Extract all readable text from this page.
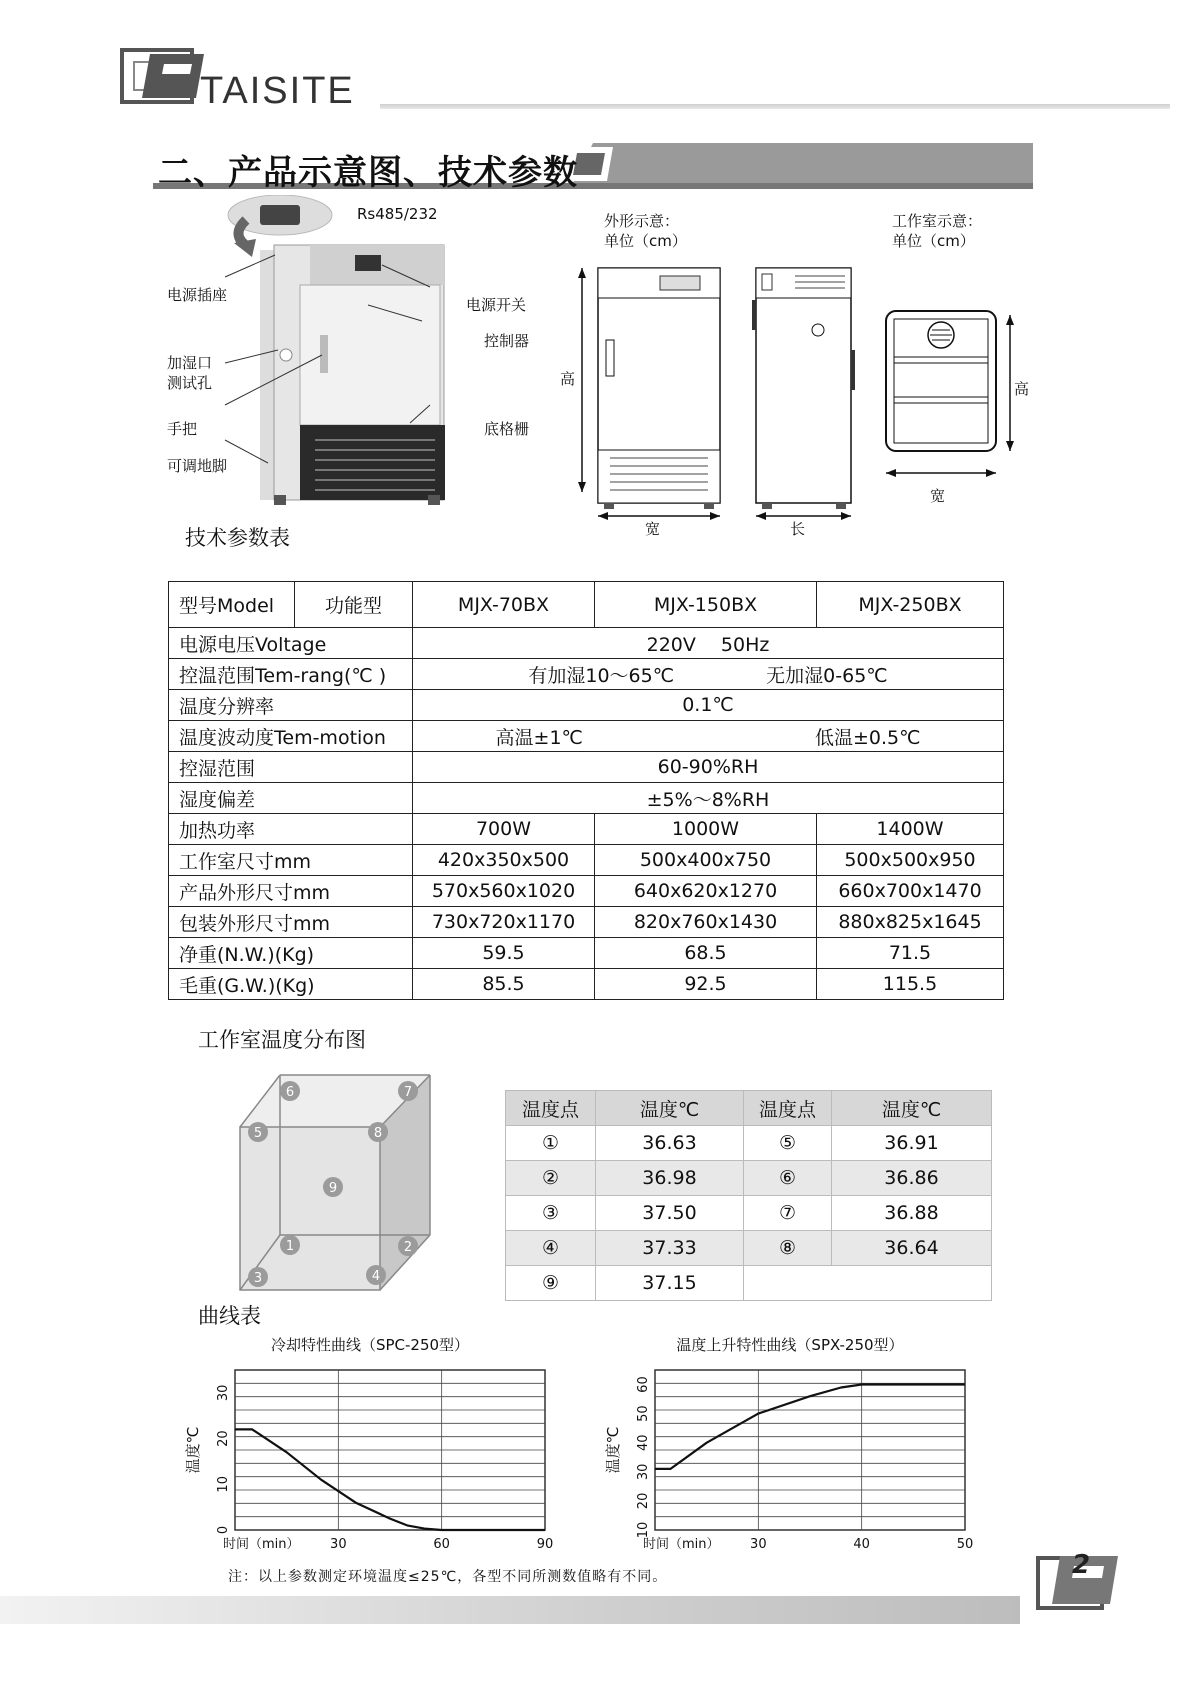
TAISITE
二、产品示意图、技术参数
Rs485/232
电源插座
加湿口
测试孔
手把
可调地脚
电源开关
控制器
底格栅
外形示意：
单位（cm）
工作室示意：
单位（cm）
高
宽	长
高
宽
技术参数表
型号Model	功能型	MJX-70BX	MJX-150BX	MJX-250BX
电源电压Voltage		220V　 50Hz		
控温范围Tem-rang(℃ )		有加湿10～65℃ 无加湿0-65℃		
温度分辨率		0.1℃		
温度波动度Tem-motion		高温±1℃ 低温±0.5℃		
控湿范围		60-90%RH		
湿度偏差		±5%～8%RH		
加热功率		700W	1000W	1400W
工作室尺寸mm		420x350x500	500x400x750	500x500x950
产品外形尺寸mm		570x560x1020	640x620x1270	660x700x1470
包装外形尺寸mm		730x720x1170	820x760x1430	880x825x1645
净重(N.W.)(Kg)		59.5	68.5	71.5
毛重(G.W.)(Kg)		85.5	92.5	115.5
工作室温度分布图
1	2
3	4
5
6	7
8
9
温度点	温度℃	温度点	温度℃
①	36.63	⑤	36.91
②	36.98	⑥	36.86
③	37.50	⑦	36.88
④	37.33	⑧	36.64
⑨	37.15		
曲线表
冷却特性曲线（SPC-250型）
30	60	90
时间（min）
0
10
20
30
温度℃
温度上升特性曲线（SPX-250型）
30	40	50
时间（min）
10
20
30
40
50
60
温度℃
注：以上参数测定环境温度≤25℃，各型不同所测数值略有不同。	2
